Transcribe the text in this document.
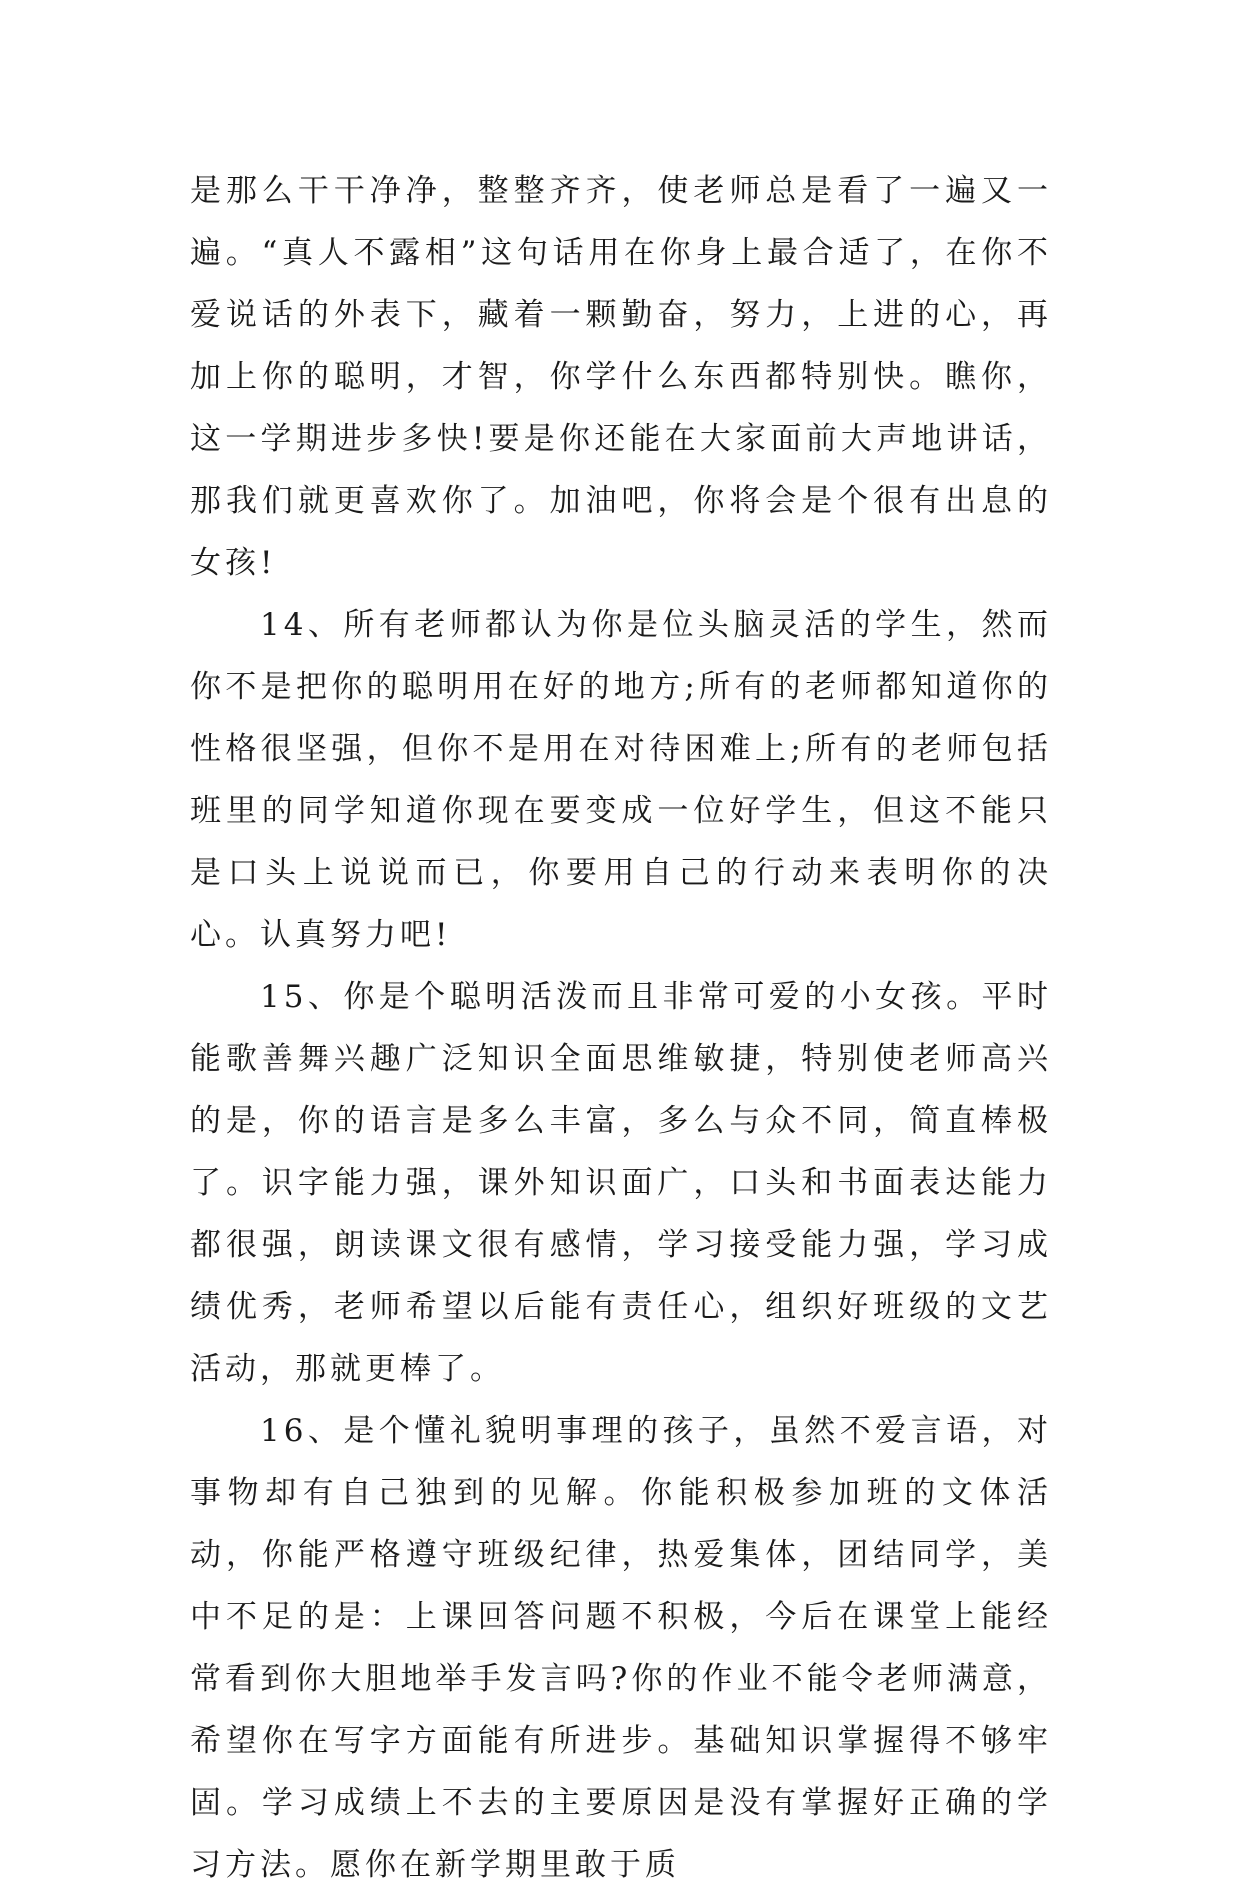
是那么干干净净，整整齐齐，使老师总是看了一遍又一遍。“真人不露相”这句话用在你身上最合适了，在你不爱说话的外表下，藏着一颗勤奋，努力，上进的心，再加上你的聪明，才智，你学什么东西都特别快。瞧你，这一学期进步多快!要是你还能在大家面前大声地讲话，那我们就更喜欢你了。加油吧，你将会是个很有出息的女孩!

14、所有老师都认为你是位头脑灵活的学生，然而你不是把你的聪明用在好的地方;所有的老师都知道你的性格很坚强，但你不是用在对待困难上;所有的老师包括班里的同学知道你现在要变成一位好学生，但这不能只是口头上说说而已，你要用自己的行动来表明你的决心。认真努力吧!

15、你是个聪明活泼而且非常可爱的小女孩。平时能歌善舞兴趣广泛知识全面思维敏捷，特别使老师高兴的是，你的语言是多么丰富，多么与众不同，简直棒极了。识字能力强，课外知识面广，口头和书面表达能力都很强，朗读课文很有感情，学习接受能力强，学习成绩优秀，老师希望以后能有责任心，组织好班级的文艺活动，那就更棒了。

16、是个懂礼貌明事理的孩子，虽然不爱言语，对事物却有自己独到的见解。你能积极参加班的文体活动，你能严格遵守班级纪律，热爱集体，团结同学，美中不足的是：上课回答问题不积极，今后在课堂上能经常看到你大胆地举手发言吗?你的作业不能令老师满意，希望你在写字方面能有所进步。基础知识掌握得不够牢固。学习成绩上不去的主要原因是没有掌握好正确的学习方法。愿你在新学期里敢于质
